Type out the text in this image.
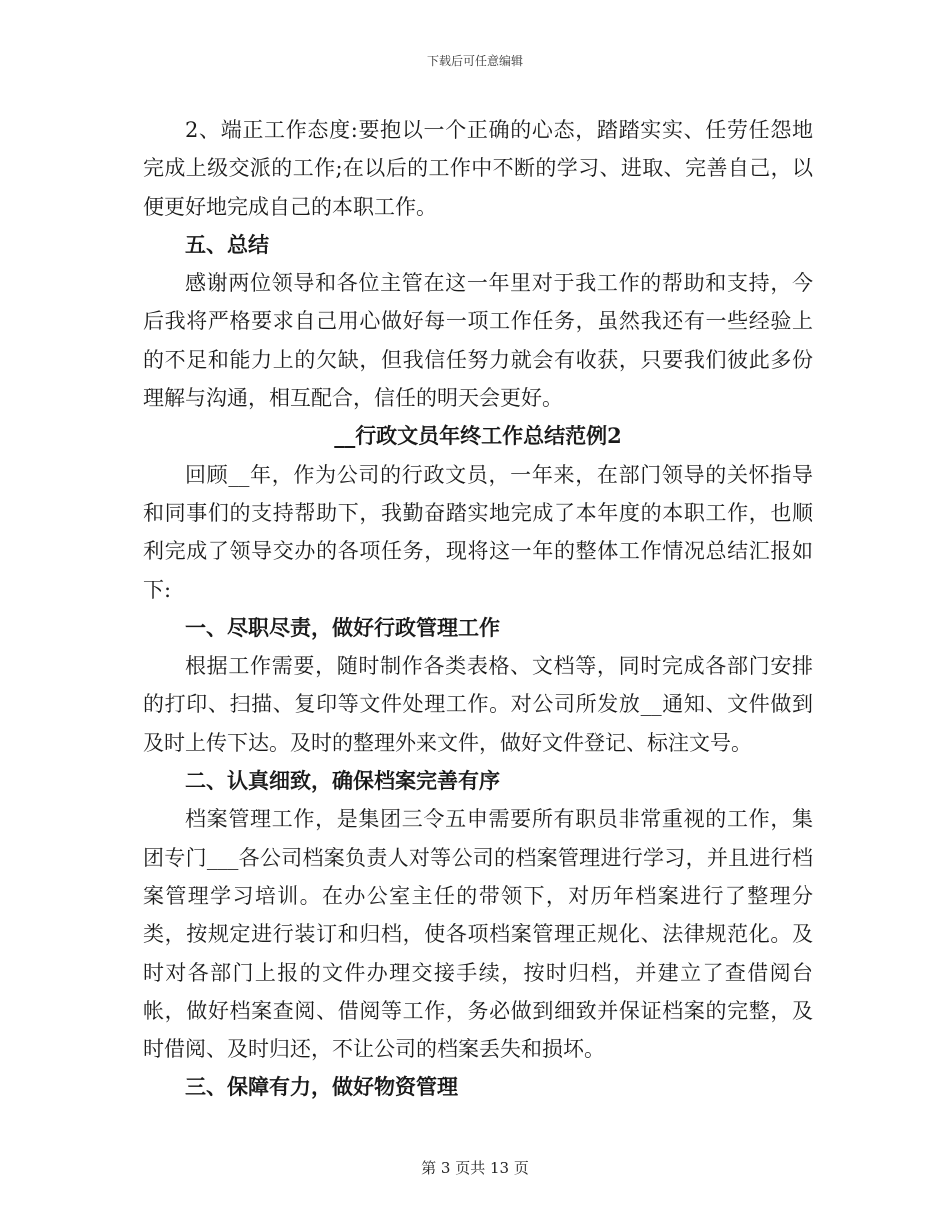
下载后可任意编辑

2、端正工作态度:要抱以一个正确的心态，踏踏实实、任劳任怨地完成上级交派的工作;在以后的工作中不断的学习、进取、完善自己，以便更好地完成自己的本职工作。

五、总结

感谢两位领导和各位主管在这一年里对于我工作的帮助和支持，今后我将严格要求自己用心做好每一项工作任务，虽然我还有一些经验上的不足和能力上的欠缺，但我信任努力就会有收获，只要我们彼此多份理解与沟通，相互配合，信任的明天会更好。

__行政文员年终工作总结范例2

回顾__年，作为公司的行政文员，一年来，在部门领导的关怀指导和同事们的支持帮助下，我勤奋踏实地完成了本年度的本职工作，也顺利完成了领导交办的各项任务，现将这一年的整体工作情况总结汇报如下:

一、尽职尽责，做好行政管理工作

根据工作需要，随时制作各类表格、文档等，同时完成各部门安排的打印、扫描、复印等文件处理工作。对公司所发放__通知、文件做到及时上传下达。及时的整理外来文件，做好文件登记、标注文号。

二、认真细致，确保档案完善有序

档案管理工作，是集团三令五申需要所有职员非常重视的工作，集团专门___各公司档案负责人对等公司的档案管理进行学习，并且进行档案管理学习培训。在办公室主任的带领下，对历年档案进行了整理分类，按规定进行装订和归档，使各项档案管理正规化、法律规范化。及时对各部门上报的文件办理交接手续，按时归档，并建立了查借阅台帐，做好档案查阅、借阅等工作，务必做到细致并保证档案的完整，及时借阅、及时归还，不让公司的档案丢失和损坏。

三、保障有力，做好物资管理

第 3 页共 13 页
